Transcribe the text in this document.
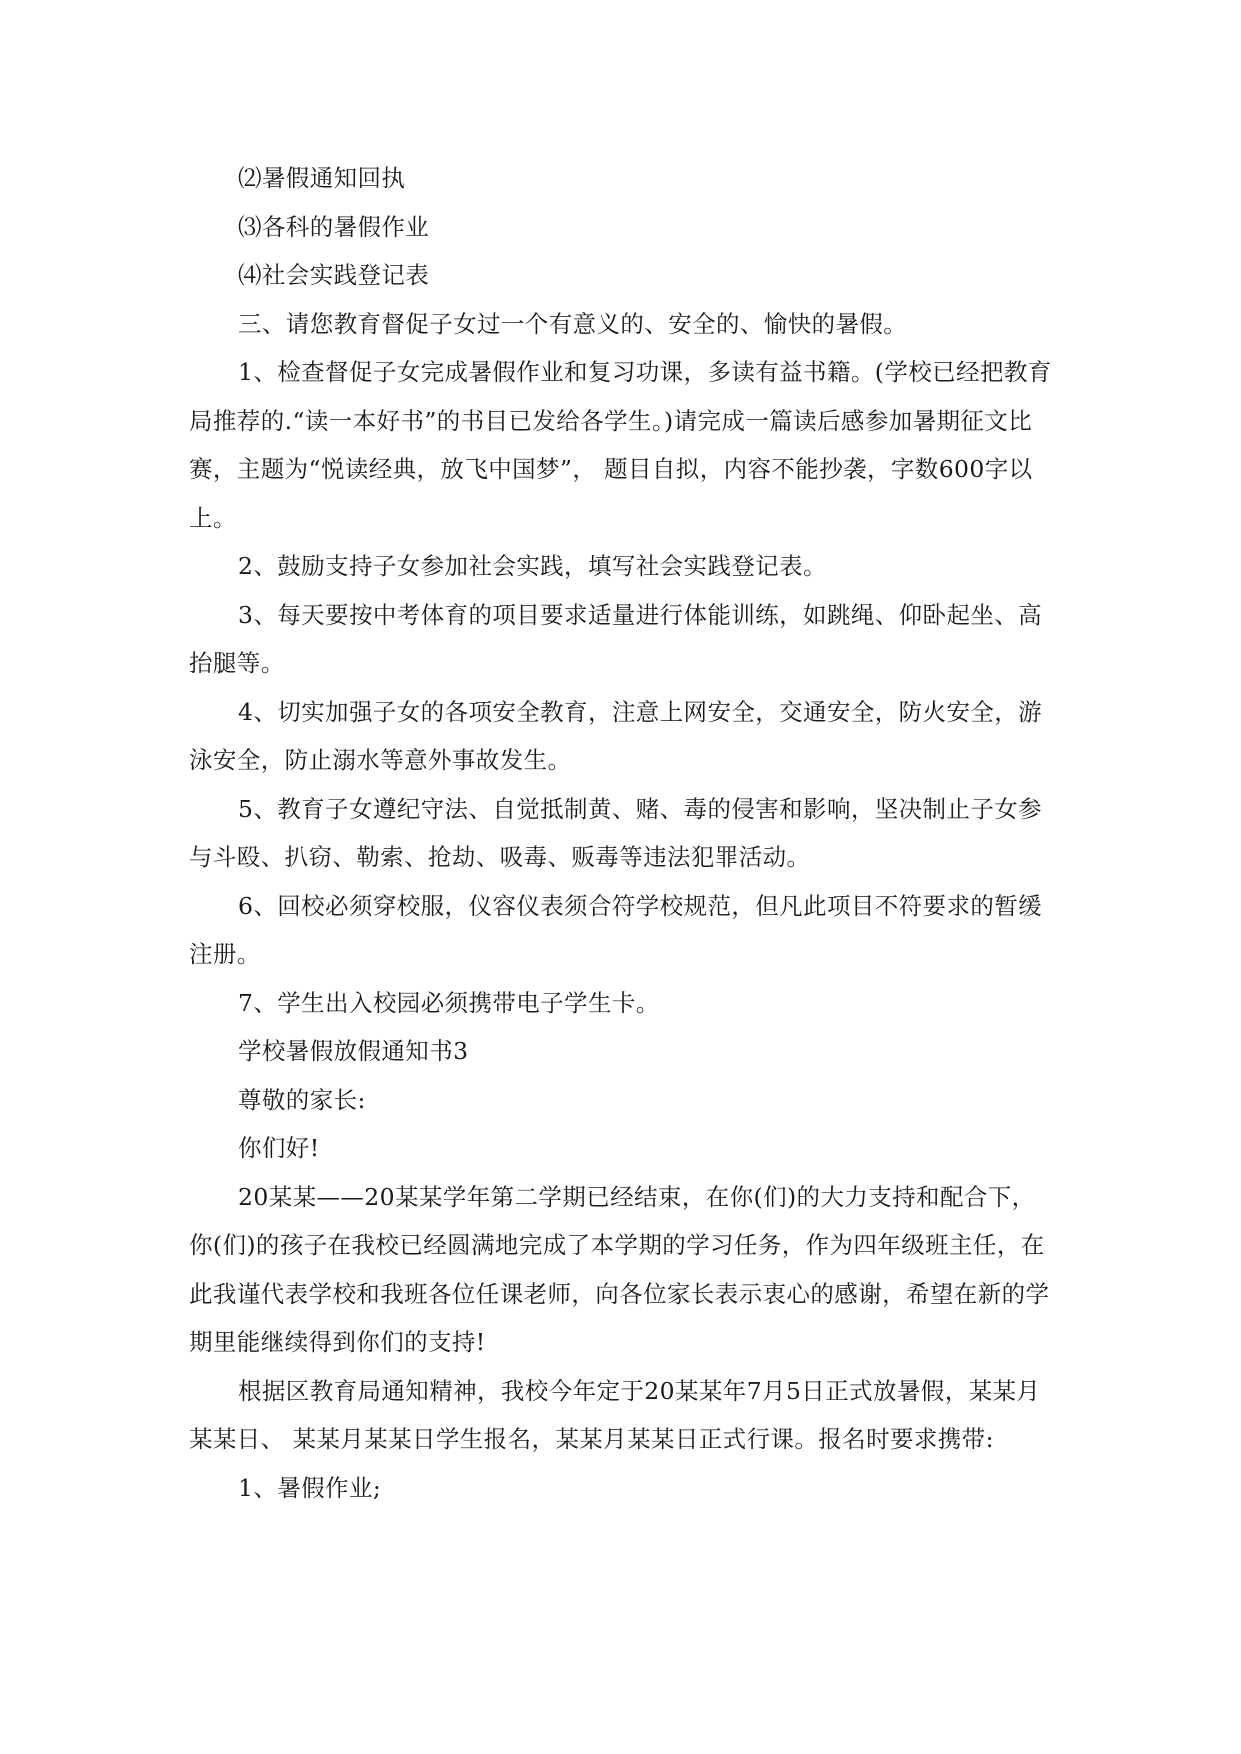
⑵暑假通知回执

⑶各科的暑假作业

⑷社会实践登记表

三、请您教育督促子女过一个有意义的、安全的、愉快的暑假。

1、检查督促子女完成暑假作业和复习功课，多读有益书籍。(学校已经把教育局推荐的.“读一本好书”的书目已发给各学生。)请完成一篇读后感参加暑期征文比赛，主题为“悦读经典，放飞中国梦”， 题目自拟，内容不能抄袭，字数600字以上。

2、鼓励支持子女参加社会实践，填写社会实践登记表。

3、每天要按中考体育的项目要求适量进行体能训练，如跳绳、仰卧起坐、高抬腿等。

4、切实加强子女的各项安全教育，注意上网安全，交通安全，防火安全，游泳安全，防止溺水等意外事故发生。

5、教育子女遵纪守法、自觉抵制黄、赌、毒的侵害和影响，坚决制止子女参与斗殴、扒窃、勒索、抢劫、吸毒、贩毒等违法犯罪活动。

6、回校必须穿校服，仪容仪表须合符学校规范，但凡此项目不符要求的暂缓注册。

7、学生出入校园必须携带电子学生卡。

学校暑假放假通知书3

尊敬的家长:

你们好!

20某某——20某某学年第二学期已经结束，在你(们)的大力支持和配合下，你(们)的孩子在我校已经圆满地完成了本学期的学习任务，作为四年级班主任，在此我谨代表学校和我班各位任课老师，向各位家长表示衷心的感谢，希望在新的学期里能继续得到你们的支持!

根据区教育局通知精神，我校今年定于20某某年7月5日正式放暑假，某某月某某日、 某某月某某日学生报名，某某月某某日正式行课。报名时要求携带:

1、暑假作业;
